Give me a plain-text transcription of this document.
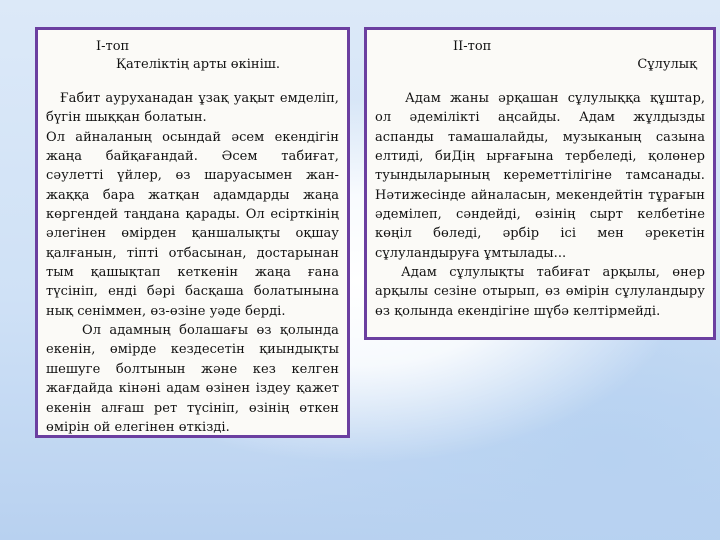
I-топ
Қателіктің арты өкініш.

Ғабит ауруханадан ұзақ уақыт емделіп, бүгін шыққан болатын.

Ол айналаның осындай әсем екендігін жаңа байқағандай. Әсем табиғат, сәулетті үйлер, өз шаруасымен жан-жаққа бара жатқан адамдарды жаңа көргендей таңдана қарады. Ол есірткінің әлегінен өмірден қаншалықты оқшау қалғанын, тіпті отбасынан, достарынан тым қашықтап кеткенін жаңа ғана түсініп, енді бәрі басқаша болатынына нық сеніммен, өз-өзіне уәде берді.

Ол адамның болашағы өз қолында екенін, өмірде кездесетін қиындықты шешуге болтынын және кез келген жағдайда кінәні адам өзінен іздеу қажет екенін алғаш рет түсініп, өзінің өткен өмірін ой елегінен өткізді.

II-топ
Сұлулық

Адам жаны әрқашан сұлулыққа құштар, ол әдемілікті аңсайды. Адам жұлдызды аспанды тамашалайды, музыканың сазына елтиді, биДің ырғағына тербеледі, қолөнер туындыларының кереметтілігіне тамсанады. Нәтижесінде айналасын, мекендейтін тұрағын әдемілеп, сәндейді, өзінің сырт келбетіне көңіл бөледі, әрбір ісі мен әрекетін сұлуландыруға ұмтылады...

Адам сұлулықты табиғат арқылы, өнер арқылы сезіне отырып, өз өмірін сұлуландыру өз қолында екендігіне шүбә келтірмейді.
